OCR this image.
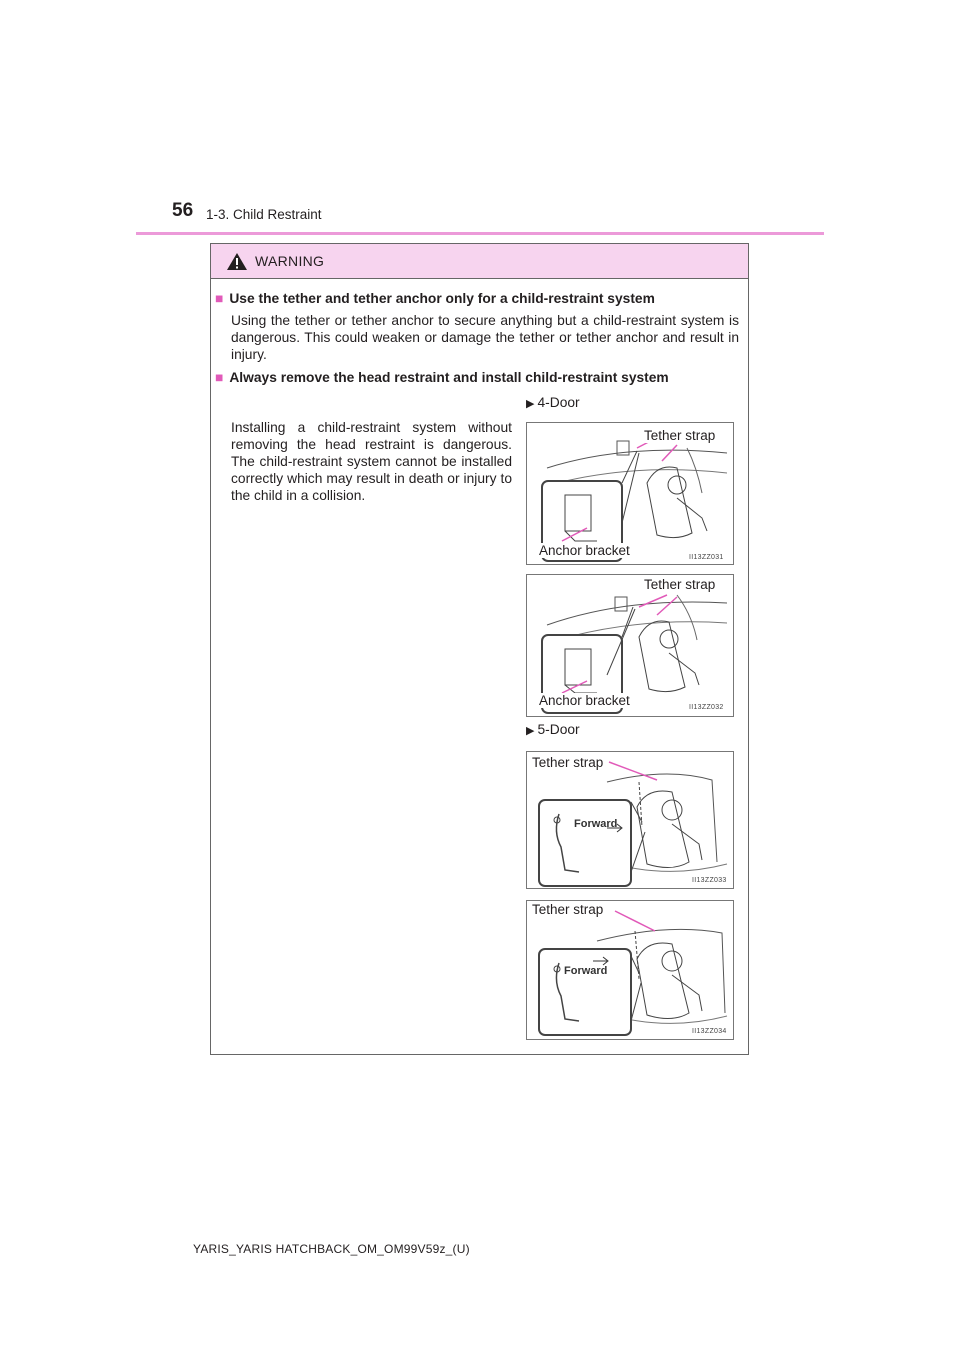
56 1-3. Child Restraint
WARNING
■ Use the tether and tether anchor only for a child-restraint system

Using the tether or tether anchor to secure anything but a child-restraint system is dangerous. This could weaken or damage the tether or tether anchor and result in injury.

■ Always remove the head restraint and install child-restraint system

Installing a child-restraint system without removing the head restraint is dangerous. The child-restraint system cannot be installed correctly which may result in death or injury to the child in a collision.

▶ 4-Door
Tether strap
Anchor bracket	II13ZZ031
Tether strap
Anchor bracket	II13ZZ032
▶ 5-Door
Tether strap
Forward
II13ZZ033
Tether strap
Forward
II13ZZ034
YARIS_YARIS HATCHBACK_OM_OM99V59z_(U)
